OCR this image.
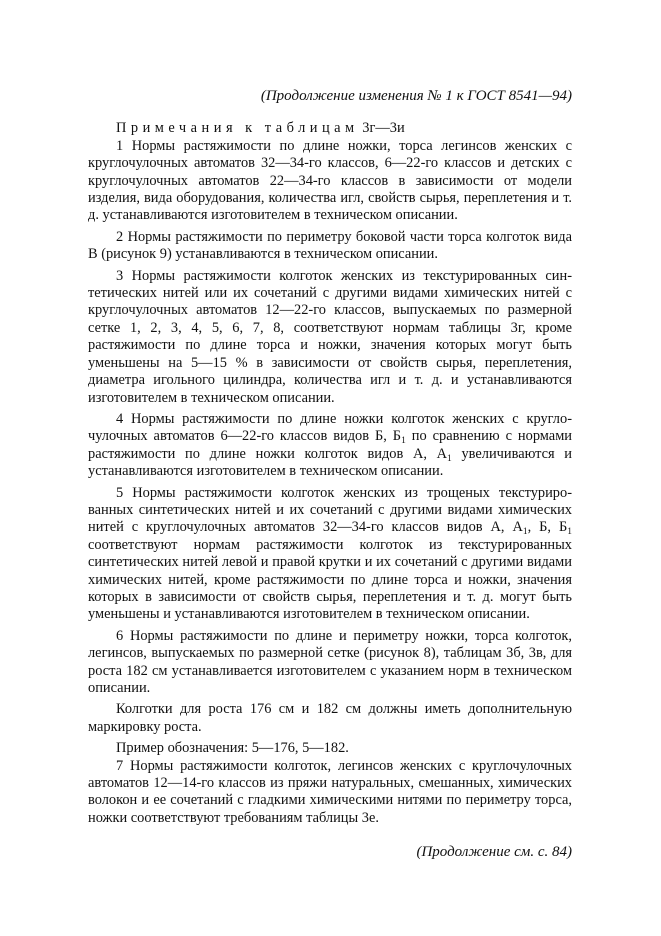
(Продолжение изменения № 1 к ГОСТ 8541—94)

Примечания к таблицам 3г—3и

1 Нормы растяжимости по длине ножки, торса легинсов женских с круглочулочных автоматов 32—34-го классов, 6—22-го классов и детских с круглочулочных автоматов 22—34-го классов в зависимости от модели изделия, вида оборудования, количества игл, свойств сырья, переплетения и т. д. устанавливаются изготовителем в техническом описании.

2 Нормы растяжимости по периметру боковой части торса колготок вида В (рисунок 9) устанавливаются в техническом описании.

3 Нормы растяжимости колготок женских из текстурированных синтетических нитей или их сочетаний с другими видами химических нитей с круглочулочных автоматов 12—22-го классов, выпускаемых по размерной сетке 1, 2, 3, 4, 5, 6, 7, 8, соответствуют нормам таблицы 3г, кроме растяжимости по длине торса и ножки, значения которых могут быть уменьшены на 5—15 % в зависимости от свойств сырья, переплетения, диаметра игольного цилиндра, количества игл и т. д. и устанавливаются изготовителем в техническом описании.

4 Нормы растяжимости по длине ножки колготок женских с круглочулочных автоматов 6—22-го классов видов Б, $Б_1$ по сравнению с нормами растяжимости по длине ножки колготок видов А, $А_1$ увеличиваются и устанавливаются изготовителем в техническом описании.

5 Нормы растяжимости колготок женских из трощеных текстурированных синтетических нитей и их сочетаний с другими видами химических нитей с круглочулочных автоматов 32—34-го классов видов А, $А_1$, Б, $Б_1$ соответствуют нормам растяжимости колготок из текстурированных синтетических нитей левой и правой крутки и их сочетаний с другими видами химических нитей, кроме растяжимости по длине торса и ножки, значения которых в зависимости от свойств сырья, переплетения и т. д. могут быть уменьшены и устанавливаются изготовителем в техническом описании.

6 Нормы растяжимости по длине и периметру ножки, торса колготок, легинсов, выпускаемых по размерной сетке (рисунок 8), таблицам 3б, 3в, для роста 182 см устанавливается изготовителем с указанием норм в техническом описании.

Колготки для роста 176 см и 182 см должны иметь дополнительную маркировку роста.

Пример обозначения: 5—176, 5—182.

7 Нормы растяжимости колготок, легинсов женских с круглочулочных автоматов 12—14-го классов из пряжи натуральных, смешанных, химических волокон и ее сочетаний с гладкими химическими нитями по периметру торса, ножки соответствуют требованиям таблицы 3е.

(Продолжение см. с. 84)
